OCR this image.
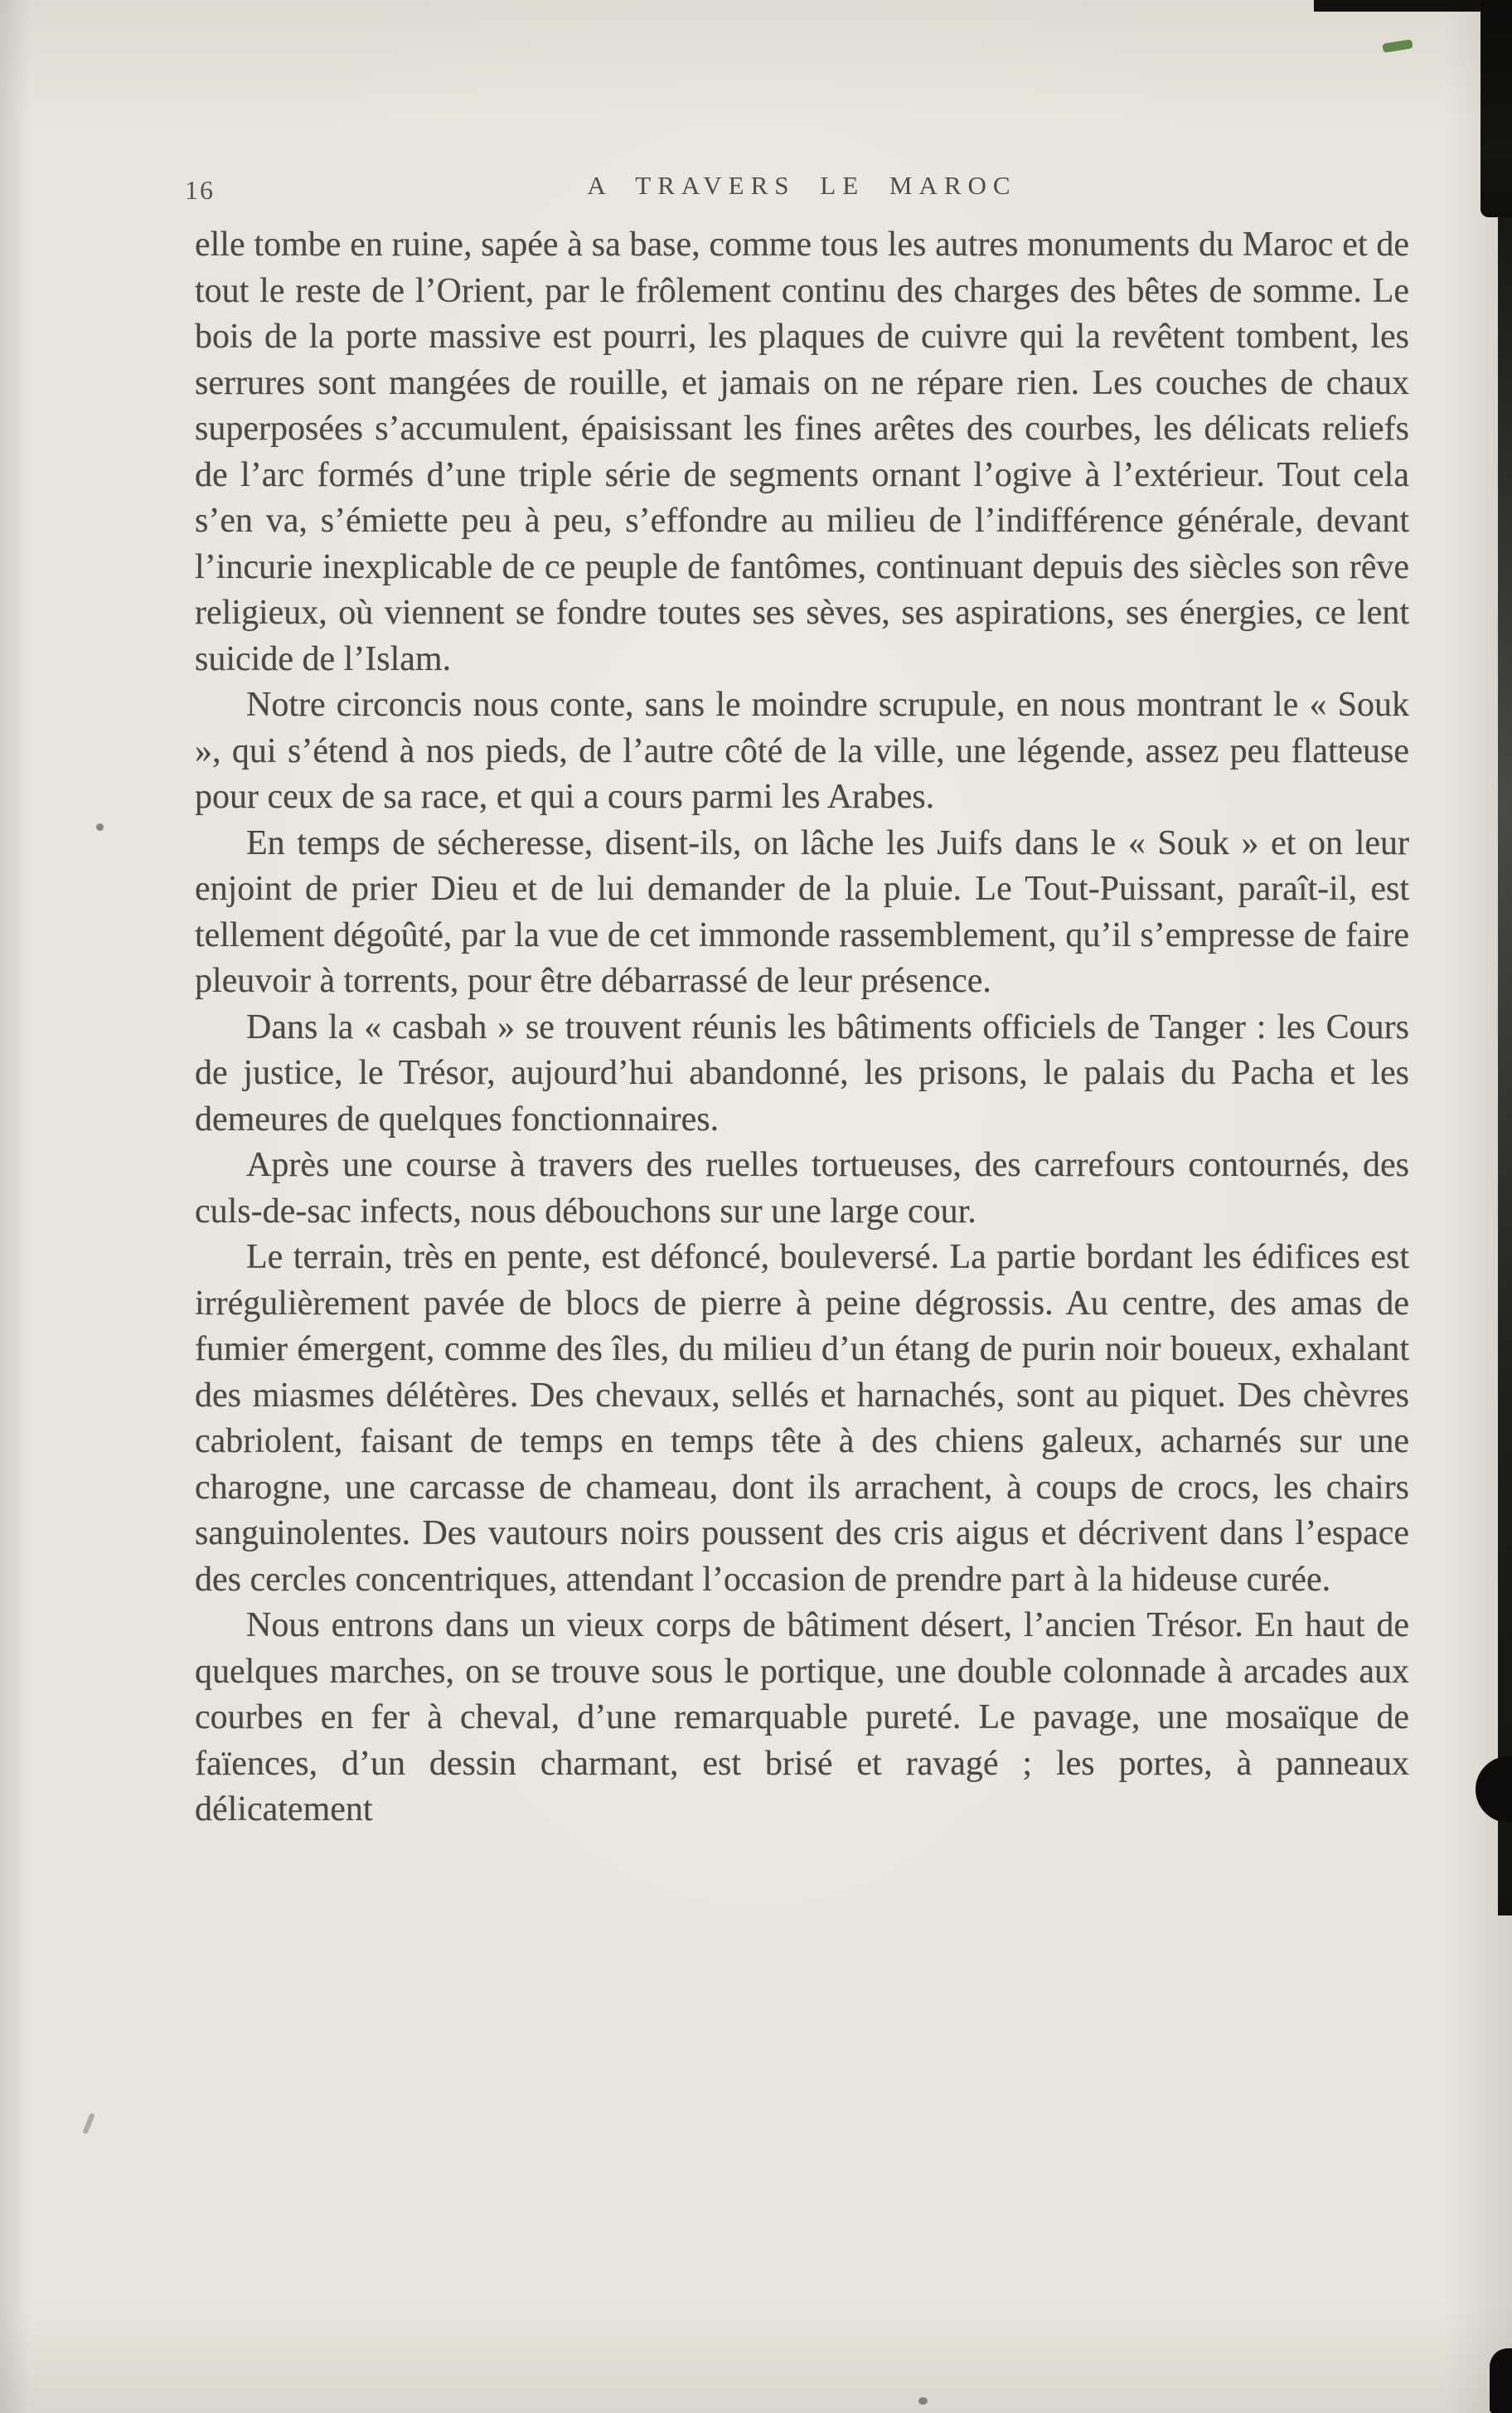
16	A TRAVERS LE MAROC

elle tombe en ruine, sapée à sa base, comme tous les autres monuments du Maroc et de tout le reste de l’Orient, par le frôlement continu des charges des bêtes de somme. Le bois de la porte massive est pourri, les plaques de cuivre qui la revêtent tombent, les serrures sont mangées de rouille, et jamais on ne répare rien. Les couches de chaux superposées s’accumulent, épaisissant les fines arêtes des courbes, les délicats reliefs de l’arc formés d’une triple série de segments ornant l’ogive à l’extérieur. Tout cela s’en va, s’émiette peu à peu, s’effondre au milieu de l’indifférence générale, devant l’incurie inexplicable de ce peuple de fantômes, continuant depuis des siècles son rêve religieux, où viennent se fondre toutes ses sèves, ses aspirations, ses énergies, ce lent suicide de l’Islam.

Notre circoncis nous conte, sans le moindre scrupule, en nous montrant le « Souk », qui s’étend à nos pieds, de l’autre côté de la ville, une légende, assez peu flatteuse pour ceux de sa race, et qui a cours parmi les Arabes.

En temps de sécheresse, disent-ils, on lâche les Juifs dans le « Souk » et on leur enjoint de prier Dieu et de lui demander de la pluie. Le Tout-Puissant, paraît-il, est tellement dégoûté, par la vue de cet immonde rassemblement, qu’il s’empresse de faire pleuvoir à torrents, pour être débarrassé de leur présence.

Dans la « casbah » se trouvent réunis les bâtiments officiels de Tanger : les Cours de justice, le Trésor, aujourd’hui abandonné, les prisons, le palais du Pacha et les demeures de quelques fonctionnaires.

Après une course à travers des ruelles tortueuses, des carrefours contournés, des culs-de-sac infects, nous débouchons sur une large cour.

Le terrain, très en pente, est défoncé, bouleversé. La partie bordant les édifices est irrégulièrement pavée de blocs de pierre à peine dégrossis. Au centre, des amas de fumier émergent, comme des îles, du milieu d’un étang de purin noir boueux, exhalant des miasmes délétères. Des chevaux, sellés et harnachés, sont au piquet. Des chèvres cabriolent, faisant de temps en temps tête à des chiens galeux, acharnés sur une charogne, une carcasse de chameau, dont ils arrachent, à coups de crocs, les chairs sanguinolentes. Des vautours noirs poussent des cris aigus et décrivent dans l’espace des cercles concentriques, attendant l’occasion de prendre part à la hideuse curée.

Nous entrons dans un vieux corps de bâtiment désert, l’ancien Trésor. En haut de quelques marches, on se trouve sous le portique, une double colonnade à arcades aux courbes en fer à cheval, d’une remarquable pureté. Le pavage, une mosaïque de faïences, d’un dessin charmant, est brisé et ravagé ; les portes, à panneaux délicatement
